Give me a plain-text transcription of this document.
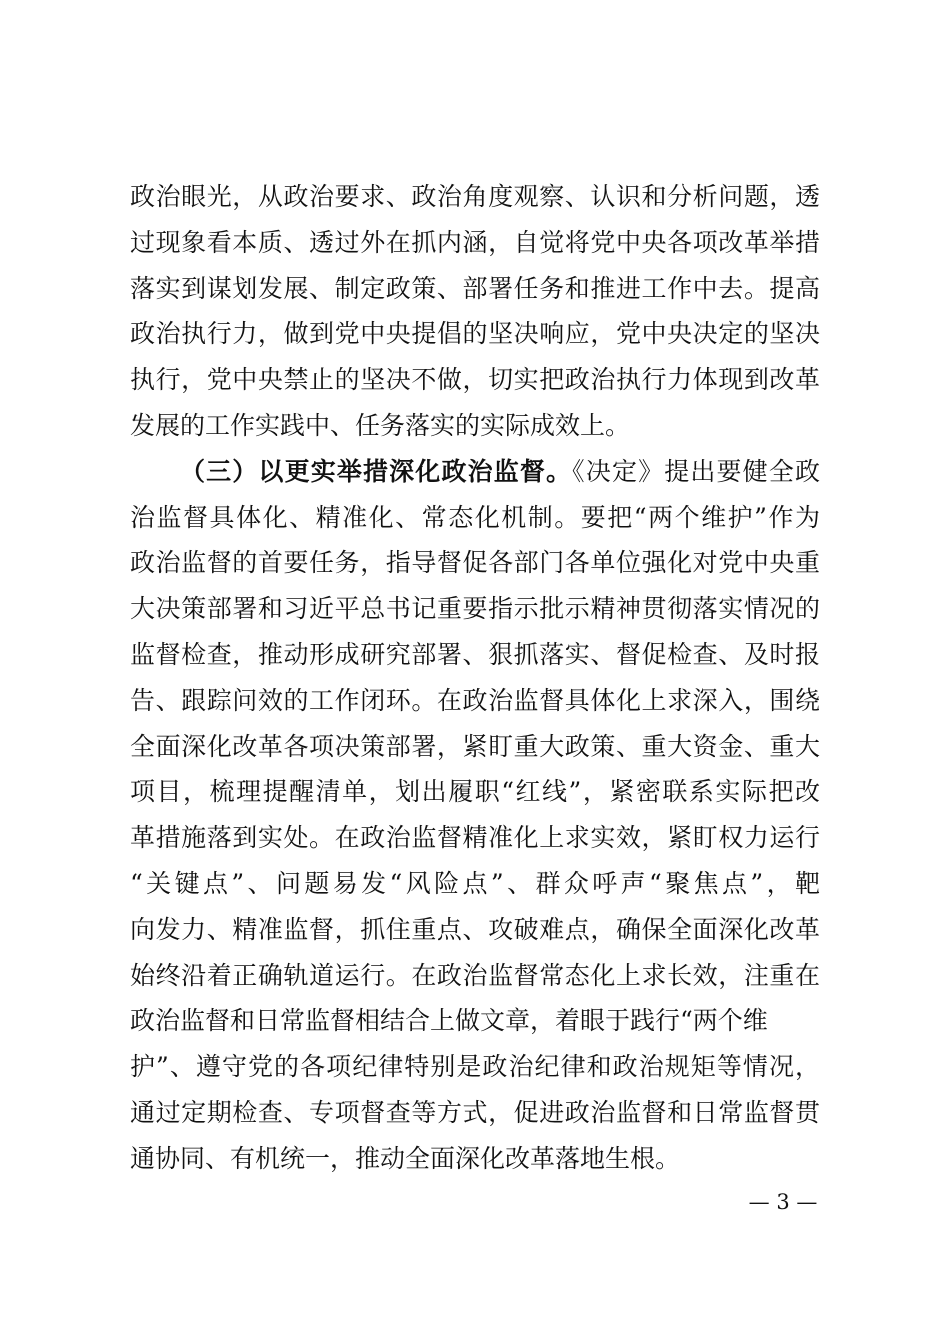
政治眼光，从政治要求、政治角度观察、认识和分析问题，透
过现象看本质、透过外在抓内涵，自觉将党中央各项改革举措
落实到谋划发展、制定政策、部署任务和推进工作中去。提高
政治执行力，做到党中央提倡的坚决响应，党中央决定的坚决
执行，党中央禁止的坚决不做，切实把政治执行力体现到改革
发展的工作实践中、任务落实的实际成效上。
（三）以更实举措深化政治监督。《决定》提出要健全政
治监督具体化、精准化、常态化机制。要把“两个维护”作为
政治监督的首要任务，指导督促各部门各单位强化对党中央重
大决策部署和习近平总书记重要指示批示精神贯彻落实情况的
监督检查，推动形成研究部署、狠抓落实、督促检查、及时报
告、跟踪问效的工作闭环。在政治监督具体化上求深入，围绕
全面深化改革各项决策部署，紧盯重大政策、重大资金、重大
项目，梳理提醒清单，划出履职“红线”，紧密联系实际把改
革措施落到实处。在政治监督精准化上求实效，紧盯权力运行
“关键点”、问题易发“风险点”、群众呼声“聚焦点”，靶
向发力、精准监督，抓住重点、攻破难点，确保全面深化改革
始终沿着正确轨道运行。在政治监督常态化上求长效，注重在
政治监督和日常监督相结合上做文章，着眼于践行“两个维
护”、遵守党的各项纪律特别是政治纪律和政治规矩等情况，
通过定期检查、专项督查等方式，促进政治监督和日常监督贯
通协同、有机统一，推动全面深化改革落地生根。
— 3 —
